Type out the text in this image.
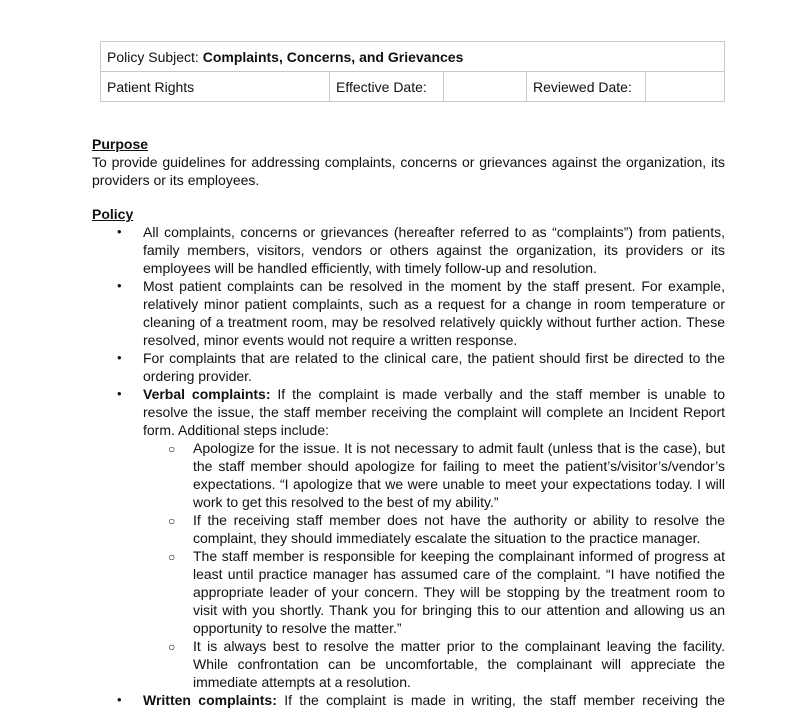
Policy Subject: Complaints, Concerns, and Grievances
Patient Rights	Effective Date:		Reviewed Date:	
Purpose
To provide guidelines for addressing complaints, concerns or grievances against the organization, its providers or its employees.
Policy
• All complaints, concerns or grievances (hereafter referred to as “complaints”) from patients, family members, visitors, vendors or others against the organization, its providers or its employees will be handled efficiently, with timely follow-up and resolution.
• Most patient complaints can be resolved in the moment by the staff present. For example, relatively minor patient complaints, such as a request for a change in room temperature or cleaning of a treatment room, may be resolved relatively quickly without further action. These resolved, minor events would not require a written response.
• For complaints that are related to the clinical care, the patient should first be directed to the ordering provider.
• Verbal complaints: If the complaint is made verbally and the staff member is unable to resolve the issue, the staff member receiving the complaint will complete an Incident Report form. Additional steps include:
○ Apologize for the issue. It is not necessary to admit fault (unless that is the case), but the staff member should apologize for failing to meet the patient’s/visitor’s/vendor’s expectations. “I apologize that we were unable to meet your expectations today. I will work to get this resolved to the best of my ability.”
○ If the receiving staff member does not have the authority or ability to resolve the complaint, they should immediately escalate the situation to the practice manager.
○ The staff member is responsible for keeping the complainant informed of progress at least until practice manager has assumed care of the complaint. “I have notified the appropriate leader of your concern. They will be stopping by the treatment room to visit with you shortly. Thank you for bringing this to our attention and allowing us an opportunity to resolve the matter.”
○ It is always best to resolve the matter prior to the complainant leaving the facility. While confrontation can be uncomfortable, the complainant will appreciate the immediate attempts at a resolution.
• Written complaints: If the complaint is made in writing, the staff member receiving the
